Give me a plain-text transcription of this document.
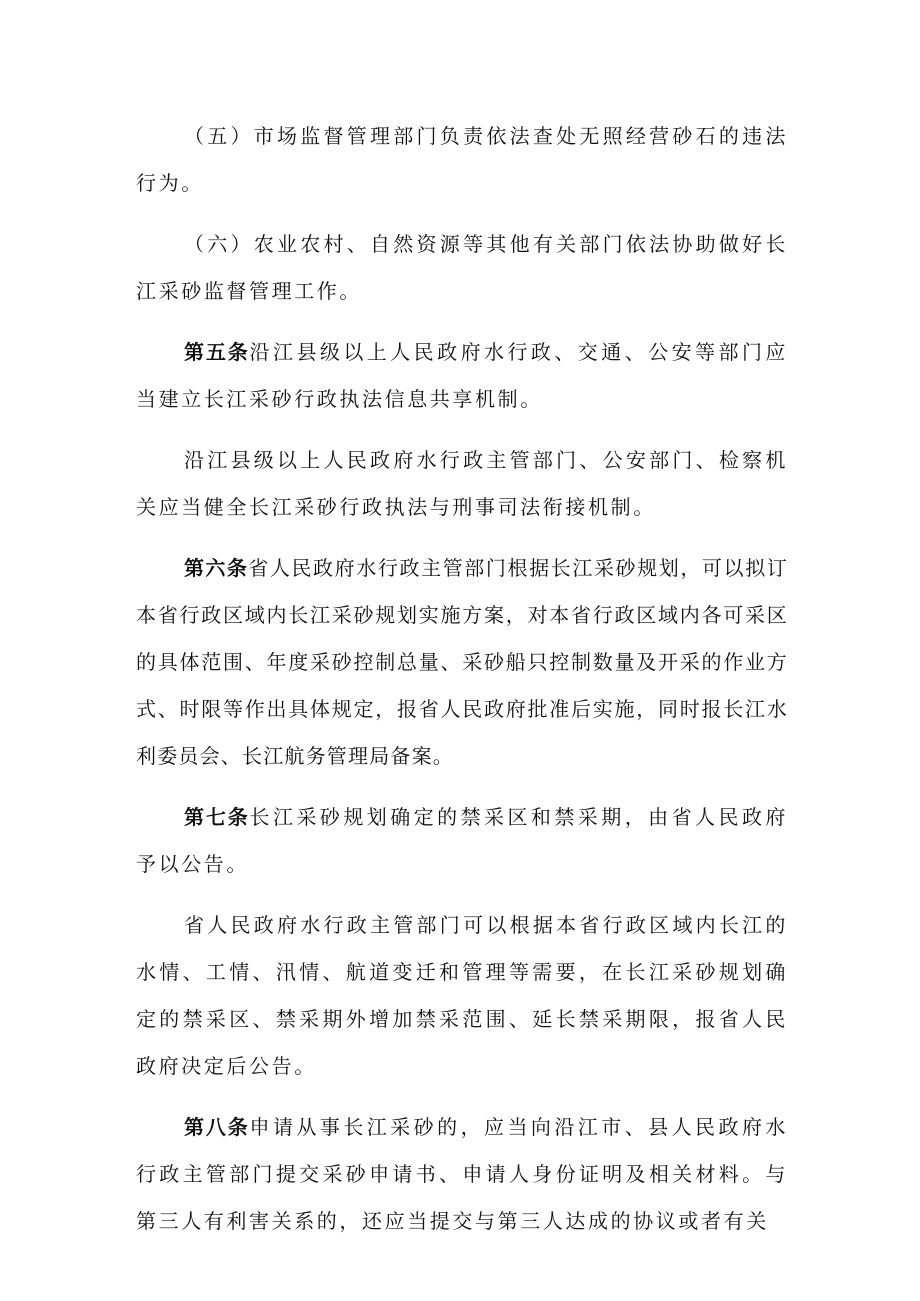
（五）市场监督管理部门负责依法查处无照经营砂石的违法行为。

（六）农业农村、自然资源等其他有关部门依法协助做好长江采砂监督管理工作。

第五条沿江县级以上人民政府水行政、交通、公安等部门应当建立长江采砂行政执法信息共享机制。

沿江县级以上人民政府水行政主管部门、公安部门、检察机关应当健全长江采砂行政执法与刑事司法衔接机制。

第六条省人民政府水行政主管部门根据长江采砂规划，可以拟订本省行政区域内长江采砂规划实施方案，对本省行政区域内各可采区的具体范围、年度采砂控制总量、采砂船只控制数量及开采的作业方式、时限等作出具体规定，报省人民政府批准后实施，同时报长江水利委员会、长江航务管理局备案。

第七条长江采砂规划确定的禁采区和禁采期，由省人民政府予以公告。

省人民政府水行政主管部门可以根据本省行政区域内长江的水情、工情、汛情、航道变迁和管理等需要，在长江采砂规划确定的禁采区、禁采期外增加禁采范围、延长禁采期限，报省人民政府决定后公告。

第八条申请从事长江采砂的，应当向沿江市、县人民政府水行政主管部门提交采砂申请书、申请人身份证明及相关材料。与第三人有利害关系的，还应当提交与第三人达成的协议或者有关
